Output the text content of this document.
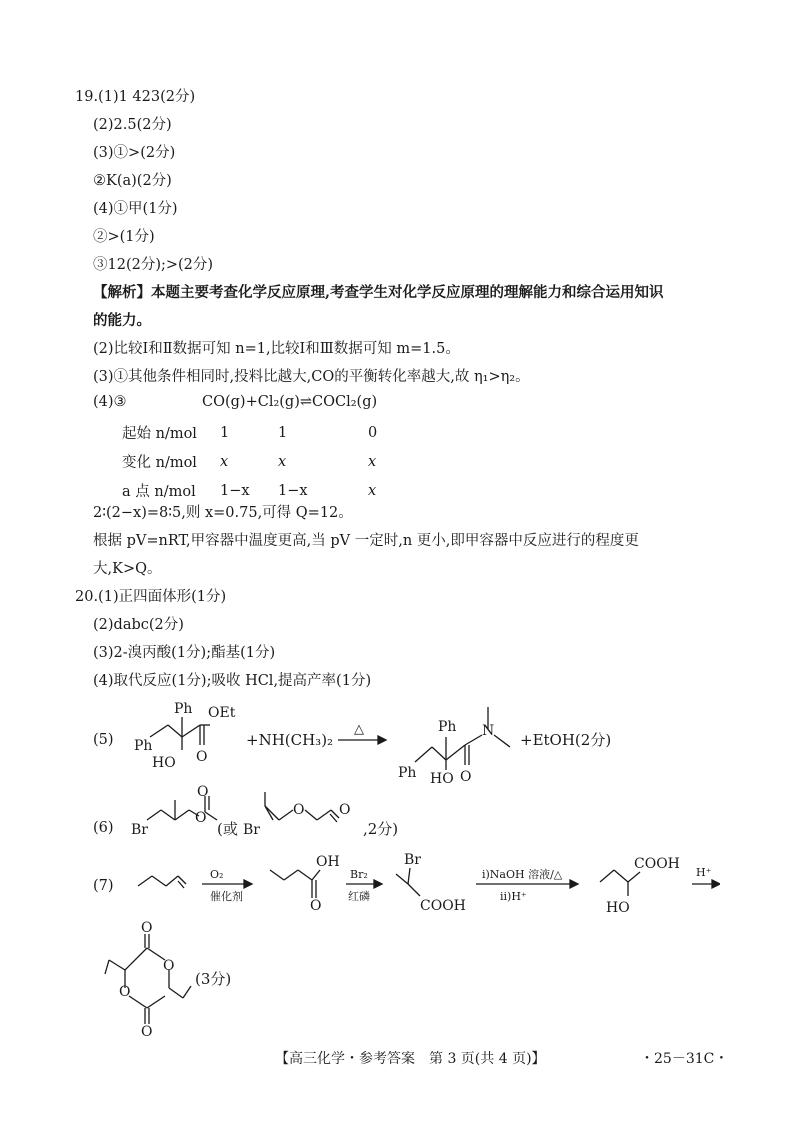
19.(1)1 423(2分)
(2)2.5(2分)
(3)①>(2分)
②K(a)(2分)
(4)①甲(1分)
②>(1分)
③12(2分);>(2分)
【解析】本题主要考查化学反应原理,考查学生对化学反应原理的理解能力和综合运用知识
的能力。
(2)比较Ⅰ和Ⅱ数据可知 n=1,比较Ⅰ和Ⅲ数据可知 m=1.5。
(3)①其他条件相同时,投料比越大,CO的平衡转化率越大,故 η₁>η₂。
(4)③	CO(g)+Cl₂(g)⇌COCl₂(g)
起始 n/mol	1	1	0
变化 n/mol	x	x	x
a 点 n/mol	1−x	1−x	x
2∶(2−x)=8∶5,则 x=0.75,可得 Q=12。
根据 pV=nRT,甲容器中温度更高,当 pV 一定时,n 更小,即甲容器中反应进行的程度更
大,K>Q。
20.(1)正四面体形(1分)
(2)dabc(2分)
(3)2-溴丙酸(1分);酯基(1分)
(4)取代反应(1分);吸收 HCl,提高产率(1分)
(5) Ph
Ph OEt
HO O
+NH(CH₃)₂
△
Ph
Ph N
HO O
+EtOH(2分)
(6) Br
O
O
(或 Br
O O
,2分)
(7)
O₂
催化剂
O
OH
Br₂
红磷
Br
COOH
ⅰ)NaOH 溶液/△
ⅱ)H⁺
COOH
HO
H⁺
O
O
O
O
(3分)
【高三化学・参考答案　第 3 页(共 4 页)】	・25－31C・
